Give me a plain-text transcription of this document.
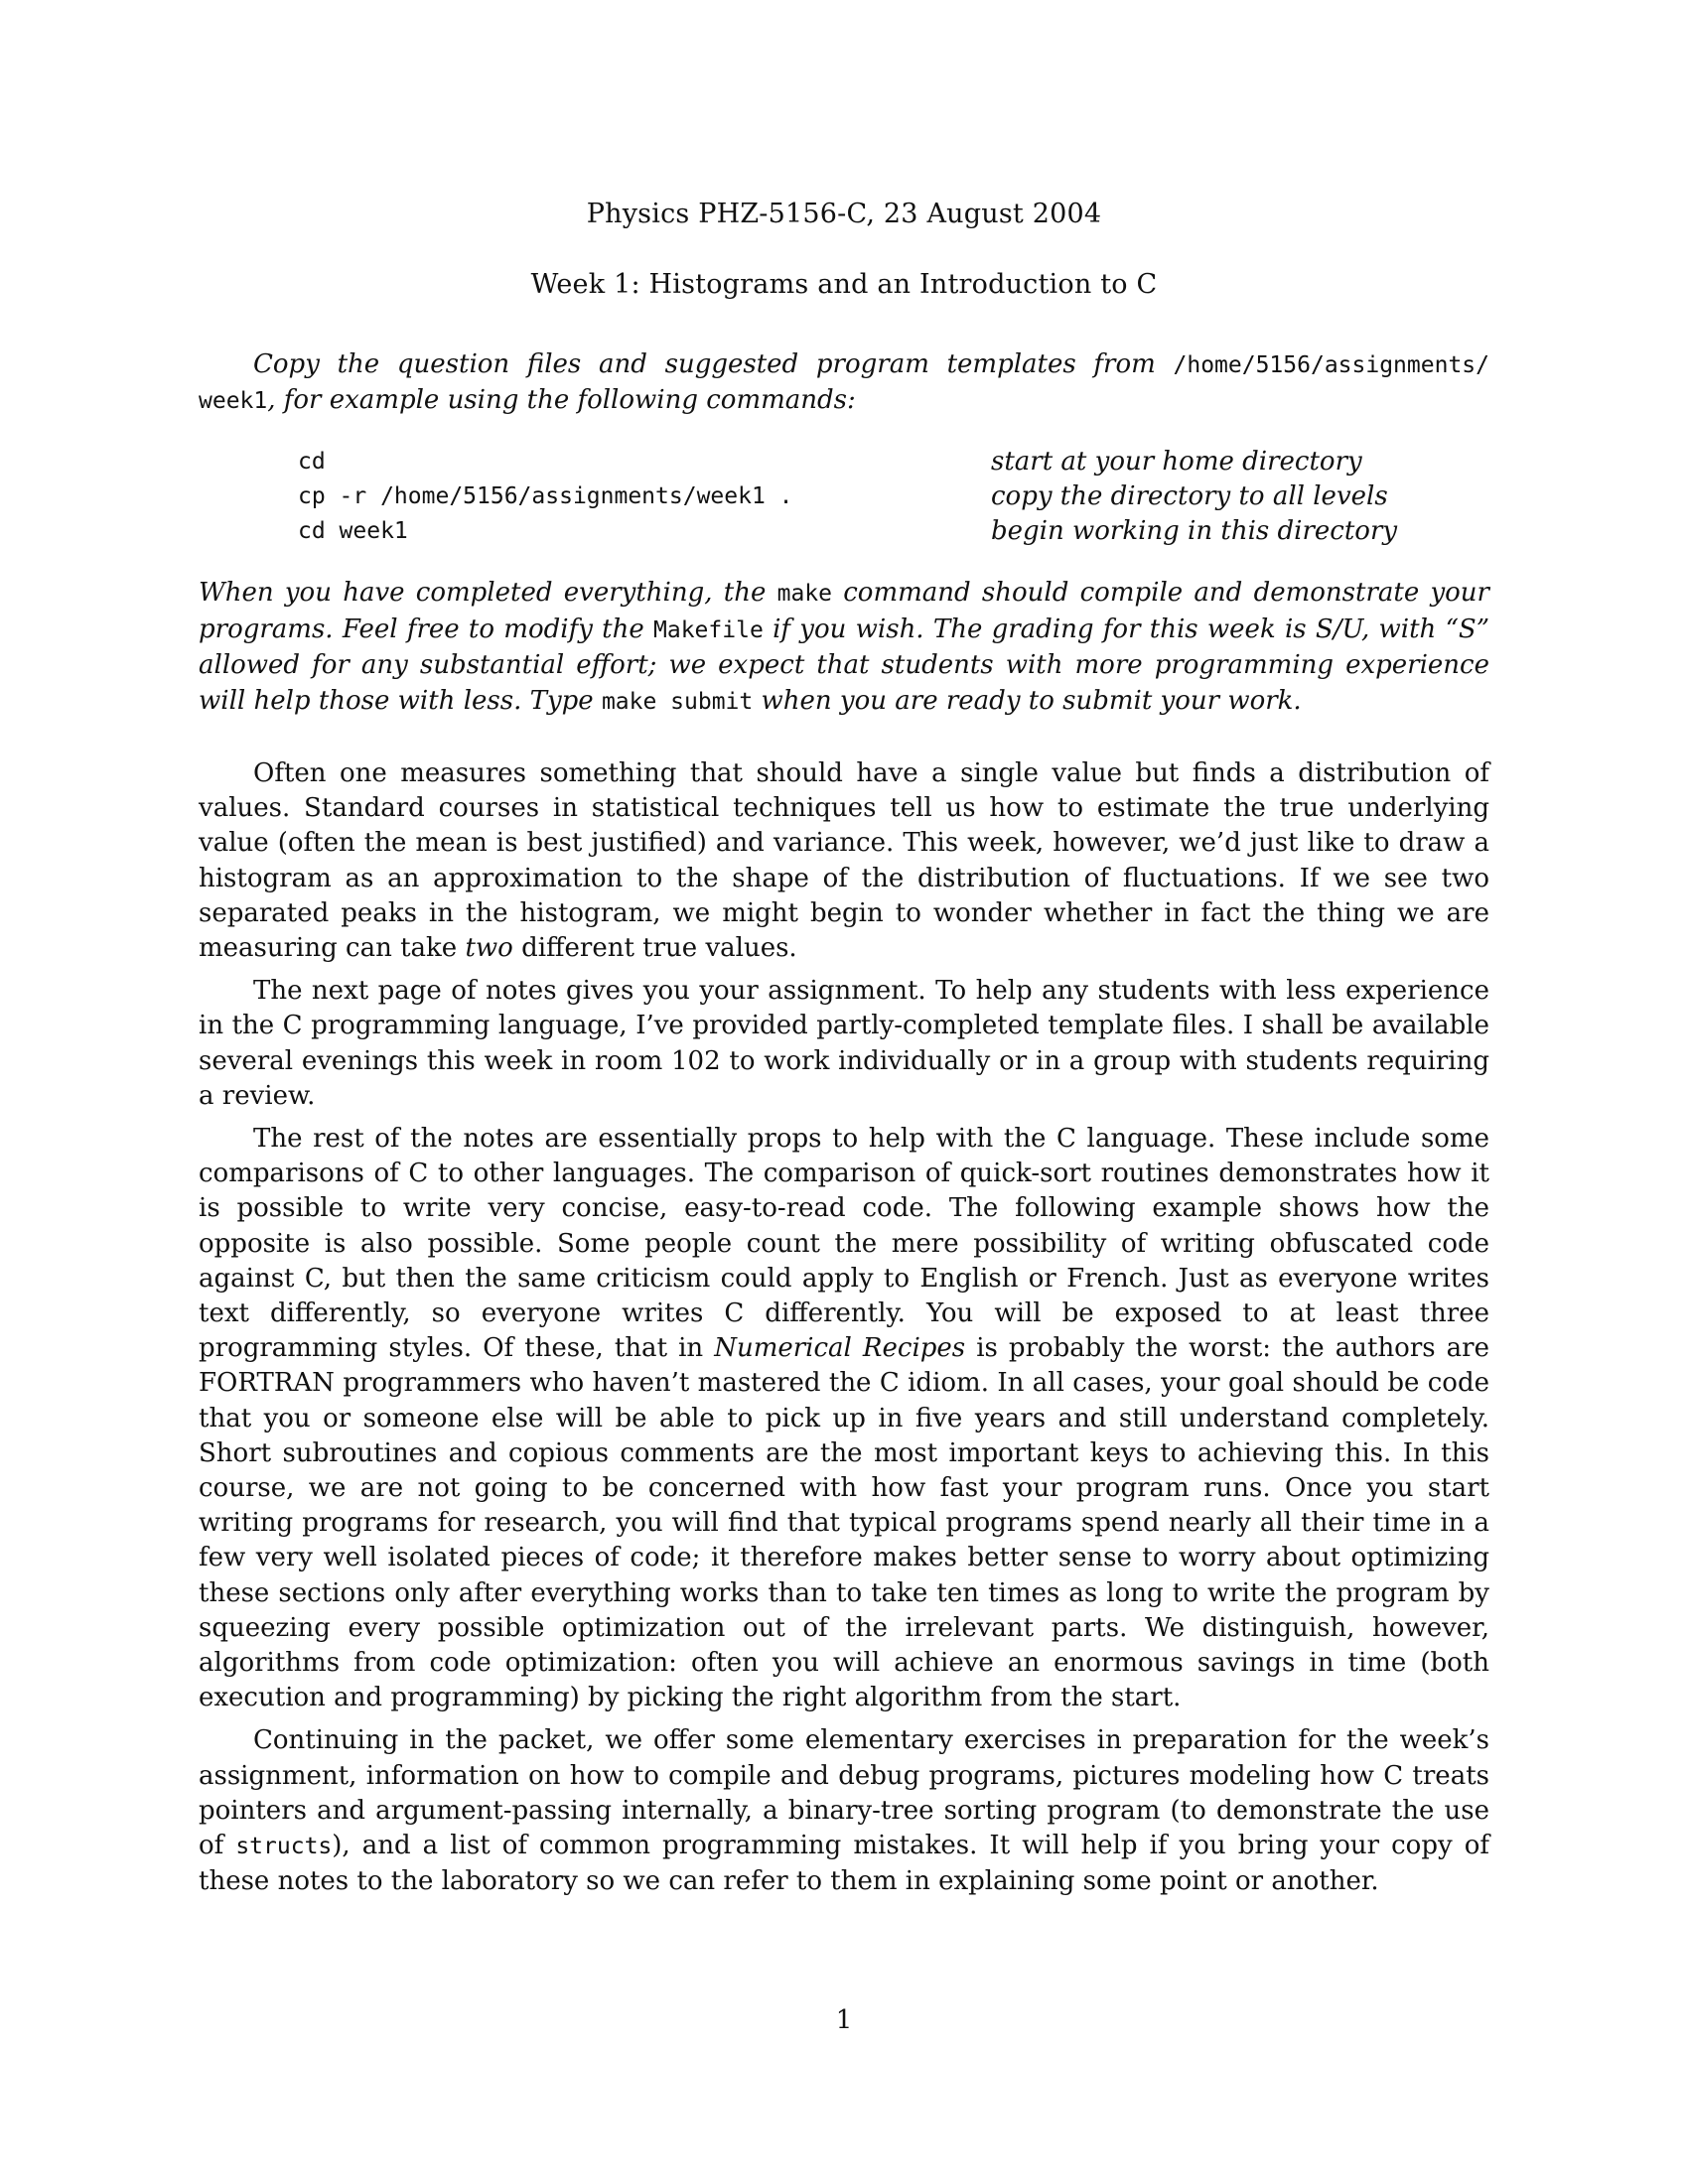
Physics PHZ-5156-C, 23 August 2004
Week 1: Histograms and an Introduction to C

Copy the question files and suggested program templates from /home/5156/assignments/ week1, for example using the following commands:

cd	start at your home directory
cp -r /home/5156/assignments/week1 .	copy the directory to all levels
cd week1	begin working in this directory

When you have completed everything, the make command should compile and demonstrate your programs. Feel free to modify the Makefile if you wish. The grading for this week is S/U, with “S” allowed for any substantial effort; we expect that students with more programming experience will help those with less. Type make submit when you are ready to submit your work.

Often one measures something that should have a single value but finds a distribution of values. Standard courses in statistical techniques tell us how to estimate the true underlying value (often the mean is best justified) and variance. This week, however, we’d just like to draw a histogram as an approximation to the shape of the distribution of fluctuations. If we see two separated peaks in the histogram, we might begin to wonder whether in fact the thing we are measuring can take two different true values.

The next page of notes gives you your assignment. To help any students with less experience in the C programming language, I’ve provided partly-completed template files. I shall be available several evenings this week in room 102 to work individually or in a group with students requiring a review.

The rest of the notes are essentially props to help with the C language. These include some comparisons of C to other languages. The comparison of quick-sort routines demonstrates how it is possible to write very concise, easy-to-read code. The following example shows how the opposite is also possible. Some people count the mere possibility of writing obfuscated code against C, but then the same criticism could apply to English or French. Just as everyone writes text differently, so everyone writes C differently. You will be exposed to at least three programming styles. Of these, that in Numerical Recipes is probably the worst: the authors are FORTRAN programmers who haven’t mastered the C idiom. In all cases, your goal should be code that you or someone else will be able to pick up in five years and still understand completely. Short subroutines and copious comments are the most important keys to achieving this. In this course, we are not going to be concerned with how fast your program runs. Once you start writing programs for research, you will find that typical programs spend nearly all their time in a few very well isolated pieces of code; it therefore makes better sense to worry about optimizing these sections only after everything works than to take ten times as long to write the program by squeezing every possible optimization out of the irrelevant parts. We distinguish, however, algorithms from code optimization: often you will achieve an enormous savings in time (both execution and programming) by picking the right algorithm from the start.

Continuing in the packet, we offer some elementary exercises in preparation for the week’s assignment, information on how to compile and debug programs, pictures modeling how C treats pointers and argument-passing internally, a binary-tree sorting program (to demonstrate the use of structs), and a list of common programming mistakes. It will help if you bring your copy of these notes to the laboratory so we can refer to them in explaining some point or another.

1
